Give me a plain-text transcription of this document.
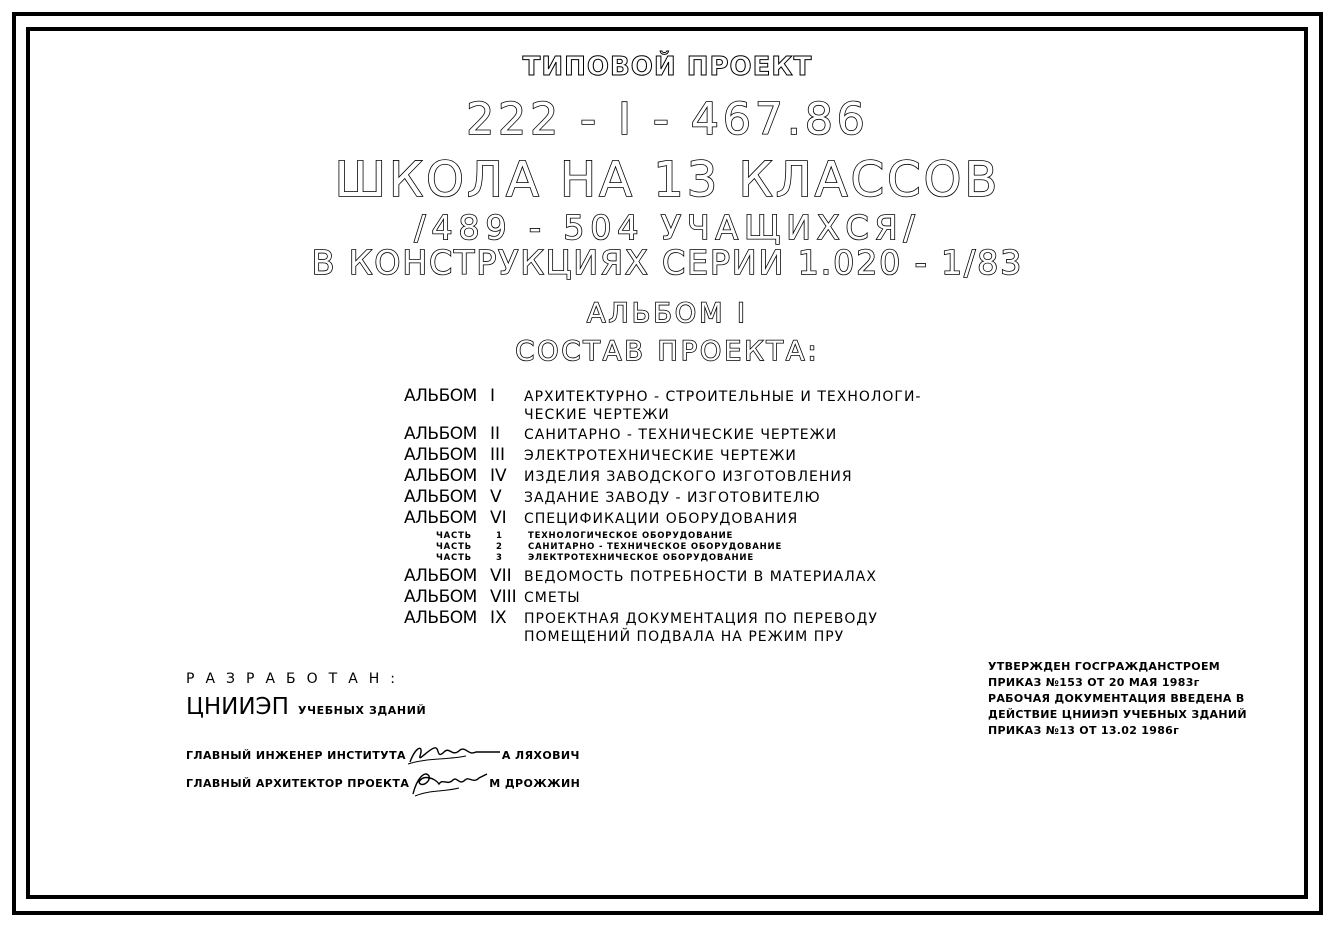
ТИПОВОЙ ПРОЕКТ
222 - I - 467.86
ШКОЛА НА 13 КЛАССОВ
/489 - 504 УЧАЩИХСЯ/
В КОНСТРУКЦИЯХ СЕРИИ 1.020 - 1/83
АЛЬБОМ I
СОСТАВ ПРОЕКТА:
АЛЬБОМ I	АРХИТЕКТУРНО - СТРОИТЕЛЬНЫЕ И ТЕХНОЛОГИ-
ЧЕСКИЕ ЧЕРТЕЖИ
АЛЬБОМ II	САНИТАРНО - ТЕХНИЧЕСКИЕ ЧЕРТЕЖИ
АЛЬБОМ III	ЭЛЕКТРОТЕХНИЧЕСКИЕ ЧЕРТЕЖИ
АЛЬБОМ IV	ИЗДЕЛИЯ ЗАВОДСКОГО ИЗГОТОВЛЕНИЯ
АЛЬБОМ V	ЗАДАНИЕ ЗАВОДУ - ИЗГОТОВИТЕЛЮ
АЛЬБОМ VI	СПЕЦИФИКАЦИИ ОБОРУДОВАНИЯ
ЧАСТЬ	1	ТЕХНОЛОГИЧЕСКОЕ ОБОРУДОВАНИЕ
ЧАСТЬ	2	САНИТАРНО - ТЕХНИЧЕСКОЕ ОБОРУДОВАНИЕ
ЧАСТЬ	3	ЭЛЕКТРОТЕХНИЧЕСКОЕ ОБОРУДОВАНИЕ
АЛЬБОМ VII ВЕДОМОСТЬ ПОТРЕБНОСТИ В МАТЕРИАЛАХ
АЛЬБОМ VIII СМЕТЫ
АЛЬБОМ IX	ПРОЕКТНАЯ ДОКУМЕНТАЦИЯ ПО ПЕРЕВОДУ
ПОМЕЩЕНИЙ ПОДВАЛА НА РЕЖИМ ПРУ
РАЗРАБОТАН:
ЦНИИЭП УЧЕБНЫХ ЗДАНИЙ
ГЛАВНЫЙ ИНЖЕНЕР ИНСТИТУТА	А ЛЯХОВИЧ
ГЛАВНЫЙ АРХИТЕКТОР ПРОЕКТА	М ДРОЖЖИН
УТВЕРЖДЕН ГОСГРАЖДАНСТРОЕМ
ПРИКАЗ №153 ОТ 20 МАЯ 1983г
РАБОЧАЯ ДОКУМЕНТАЦИЯ ВВЕДЕНА В
ДЕЙСТВИЕ ЦНИИЭП УЧЕБНЫХ ЗДАНИЙ
ПРИКАЗ №13 ОТ 13.02 1986г
